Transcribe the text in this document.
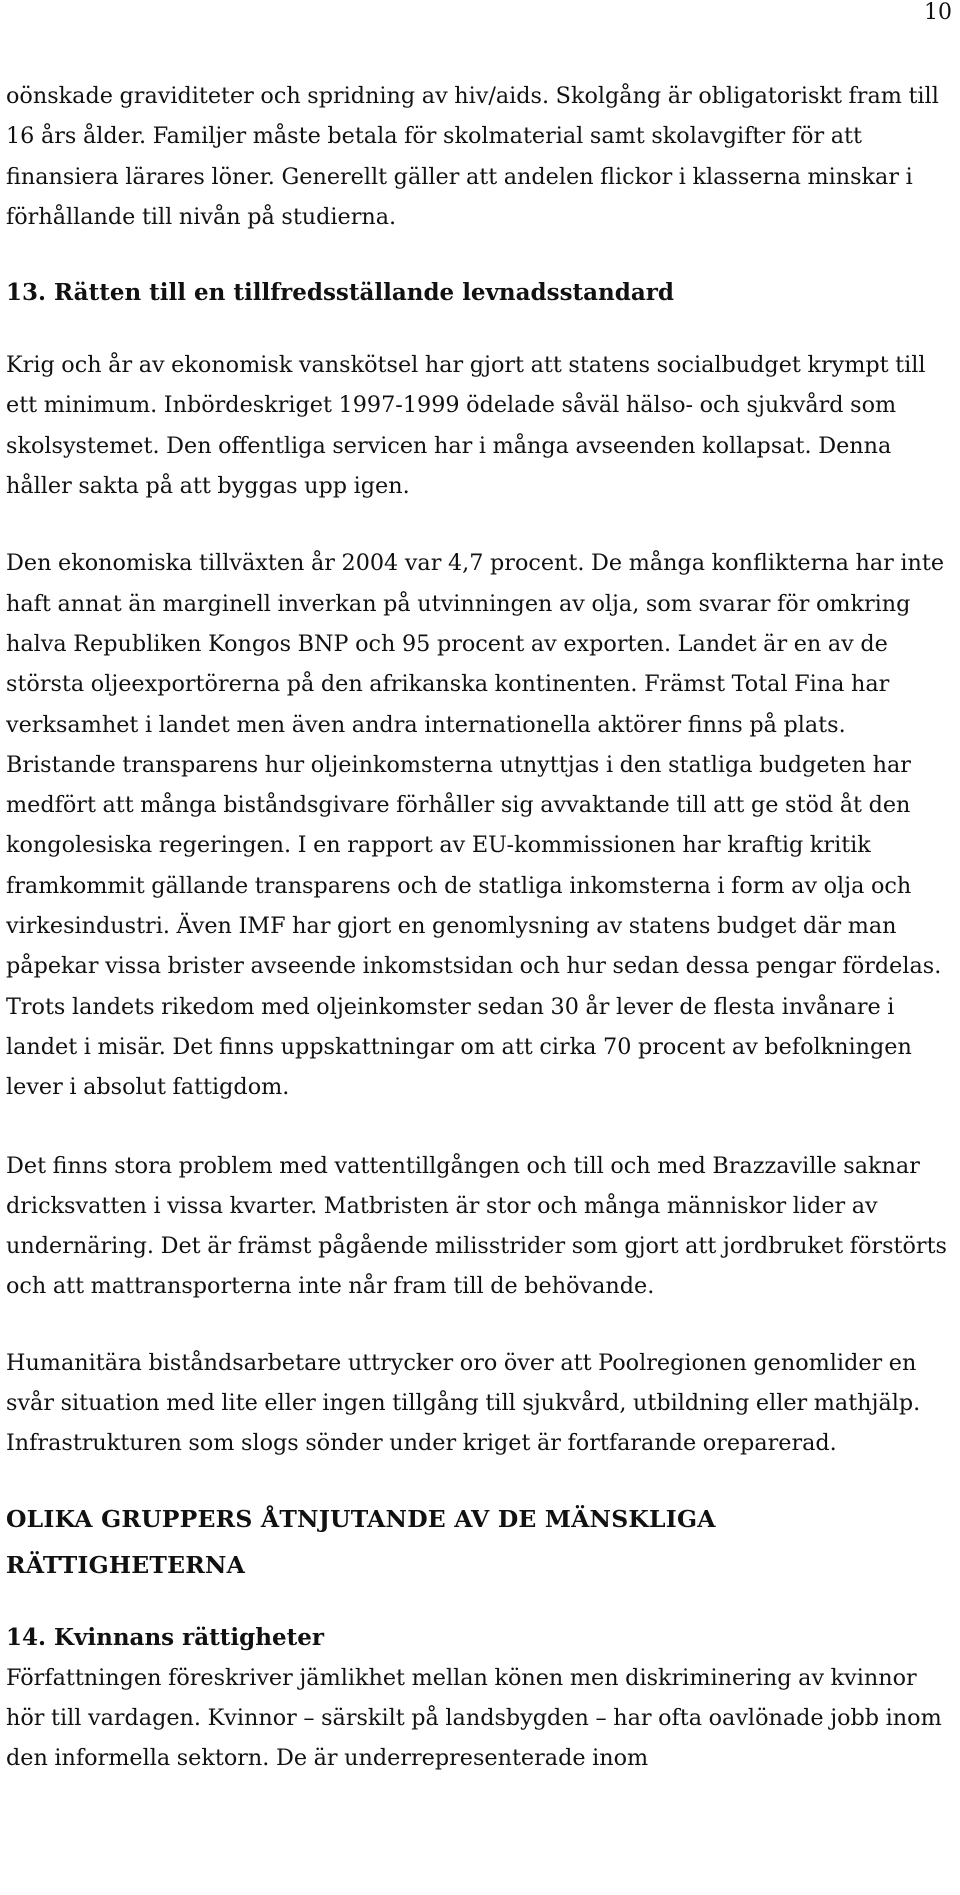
10

oönskade graviditeter och spridning av hiv/aids. Skolgång är obligatoriskt fram till 16 års ålder. Familjer måste betala för skolmaterial samt skolavgifter för att finansiera lärares löner. Generellt gäller att andelen flickor i klasserna minskar i förhållande till nivån på studierna.

13. Rätten till en tillfredsställande levnadsstandard

Krig och år av ekonomisk vanskötsel har gjort att statens socialbudget krympt till ett minimum. Inbördeskriget 1997-1999 ödelade såväl hälso- och sjukvård som skolsystemet. Den offentliga servicen har i många avseenden kollapsat. Denna håller sakta på att byggas upp igen.

Den ekonomiska tillväxten år 2004 var 4,7 procent. De många konflikterna har inte haft annat än marginell inverkan på utvinningen av olja, som svarar för omkring halva Republiken Kongos BNP och 95 procent av exporten. Landet är en av de största oljeexportörerna på den afrikanska kontinenten. Främst Total Fina har verksamhet i landet men även andra internationella aktörer finns på plats. Bristande transparens hur oljeinkomsterna utnyttjas i den statliga budgeten har medfört att många biståndsgivare förhåller sig avvaktande till att ge stöd åt den kongolesiska regeringen. I en rapport av EU-kommissionen har kraftig kritik framkommit gällande transparens och de statliga inkomsterna i form av olja och virkesindustri. Även IMF har gjort en genomlysning av statens budget där man påpekar vissa brister avseende inkomstsidan och hur sedan dessa pengar fördelas. Trots landets rikedom med oljeinkomster sedan 30 år lever de flesta invånare i landet i misär. Det finns uppskattningar om att cirka 70 procent av befolkningen lever i absolut fattigdom.

Det finns stora problem med vattentillgången och till och med Brazzaville saknar dricksvatten i vissa kvarter. Matbristen är stor och många människor lider av undernäring. Det är främst pågående milisstrider som gjort att jordbruket förstörts och att mattransporterna inte når fram till de behövande.

Humanitära biståndsarbetare uttrycker oro över att Poolregionen genomlider en svår situation med lite eller ingen tillgång till sjukvård, utbildning eller mathjälp. Infrastrukturen som slogs sönder under kriget är fortfarande oreparerad.

OLIKA GRUPPERS ÅTNJUTANDE AV DE MÄNSKLIGA RÄTTIGHETERNA
14. Kvinnans rättigheter

Författningen föreskriver jämlikhet mellan könen men diskriminering av kvinnor hör till vardagen. Kvinnor – särskilt på landsbygden – har ofta oavlönade jobb inom den informella sektorn. De är underrepresenterade inom
